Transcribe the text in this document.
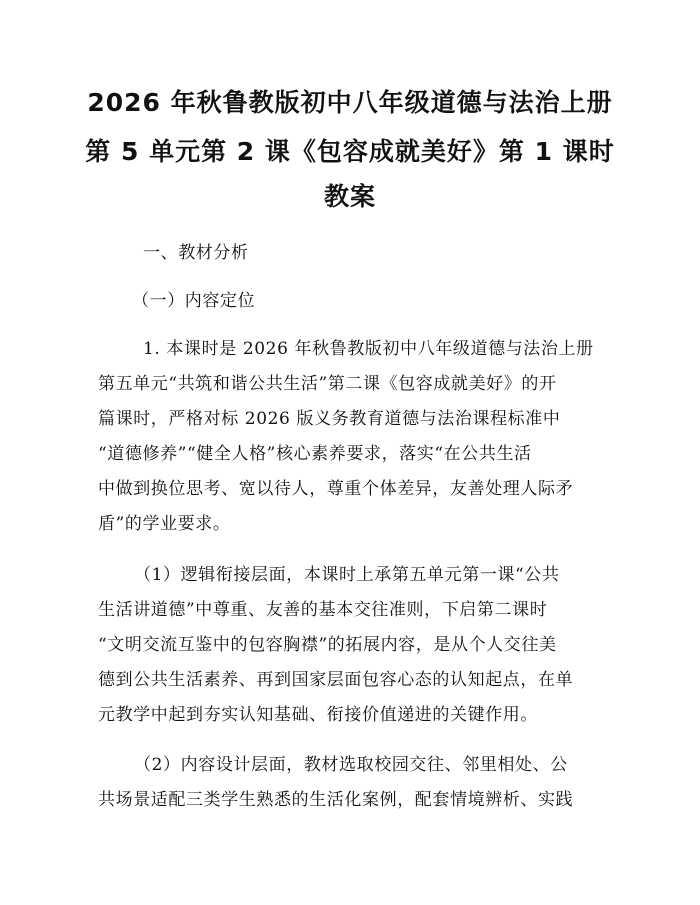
2026 年秋鲁教版初中八年级道德与法治上册
第 5 单元第 2 课《包容成就美好》第 1 课时
教案
一、教材分析
（一）内容定位
1. 本课时是 2026 年秋鲁教版初中八年级道德与法治上册
第五单元“共筑和谐公共生活”第二课《包容成就美好》的开
篇课时，严格对标 2026 版义务教育道德与法治课程标准中
“道德修养”“健全人格”核心素养要求，落实“在公共生活
中做到换位思考、宽以待人，尊重个体差异，友善处理人际矛
盾”的学业要求。
（1）逻辑衔接层面，本课时上承第五单元第一课“公共
生活讲道德”中尊重、友善的基本交往准则，下启第二课时
“文明交流互鉴中的包容胸襟”的拓展内容，是从个人交往美
德到公共生活素养、再到国家层面包容心态的认知起点，在单
元教学中起到夯实认知基础、衔接价值递进的关键作用。
（2）内容设计层面，教材选取校园交往、邻里相处、公
共场景适配三类学生熟悉的生活化案例，配套情境辨析、实践
